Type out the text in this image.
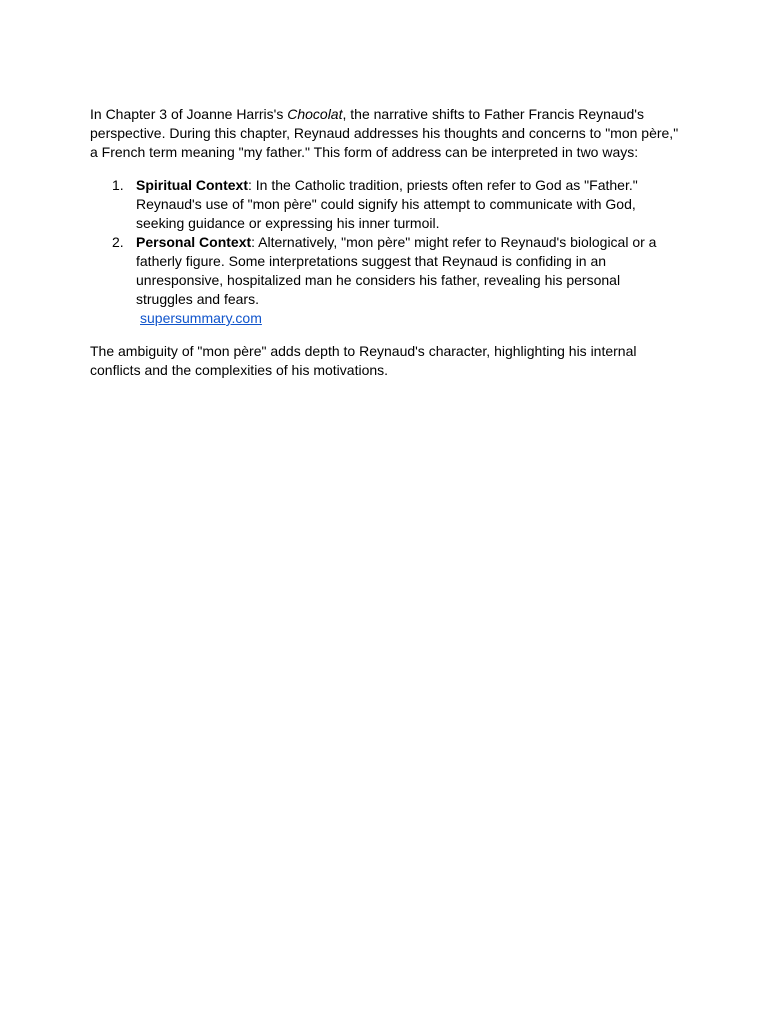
In Chapter 3 of Joanne Harris's Chocolat, the narrative shifts to Father Francis Reynaud's perspective. During this chapter, Reynaud addresses his thoughts and concerns to "mon père," a French term meaning "my father." This form of address can be interpreted in two ways:

1. Spiritual Context: In the Catholic tradition, priests often refer to God as "Father." Reynaud's use of "mon père" could signify his attempt to communicate with God, seeking guidance or expressing his inner turmoil.
2. Personal Context: Alternatively, "mon père" might refer to Reynaud's biological or a fatherly figure. Some interpretations suggest that Reynaud is confiding in an unresponsive, hospitalized man he considers his father, revealing his personal struggles and fears.
supersummary.com

The ambiguity of "mon père" adds depth to Reynaud's character, highlighting his internal conflicts and the complexities of his motivations.
